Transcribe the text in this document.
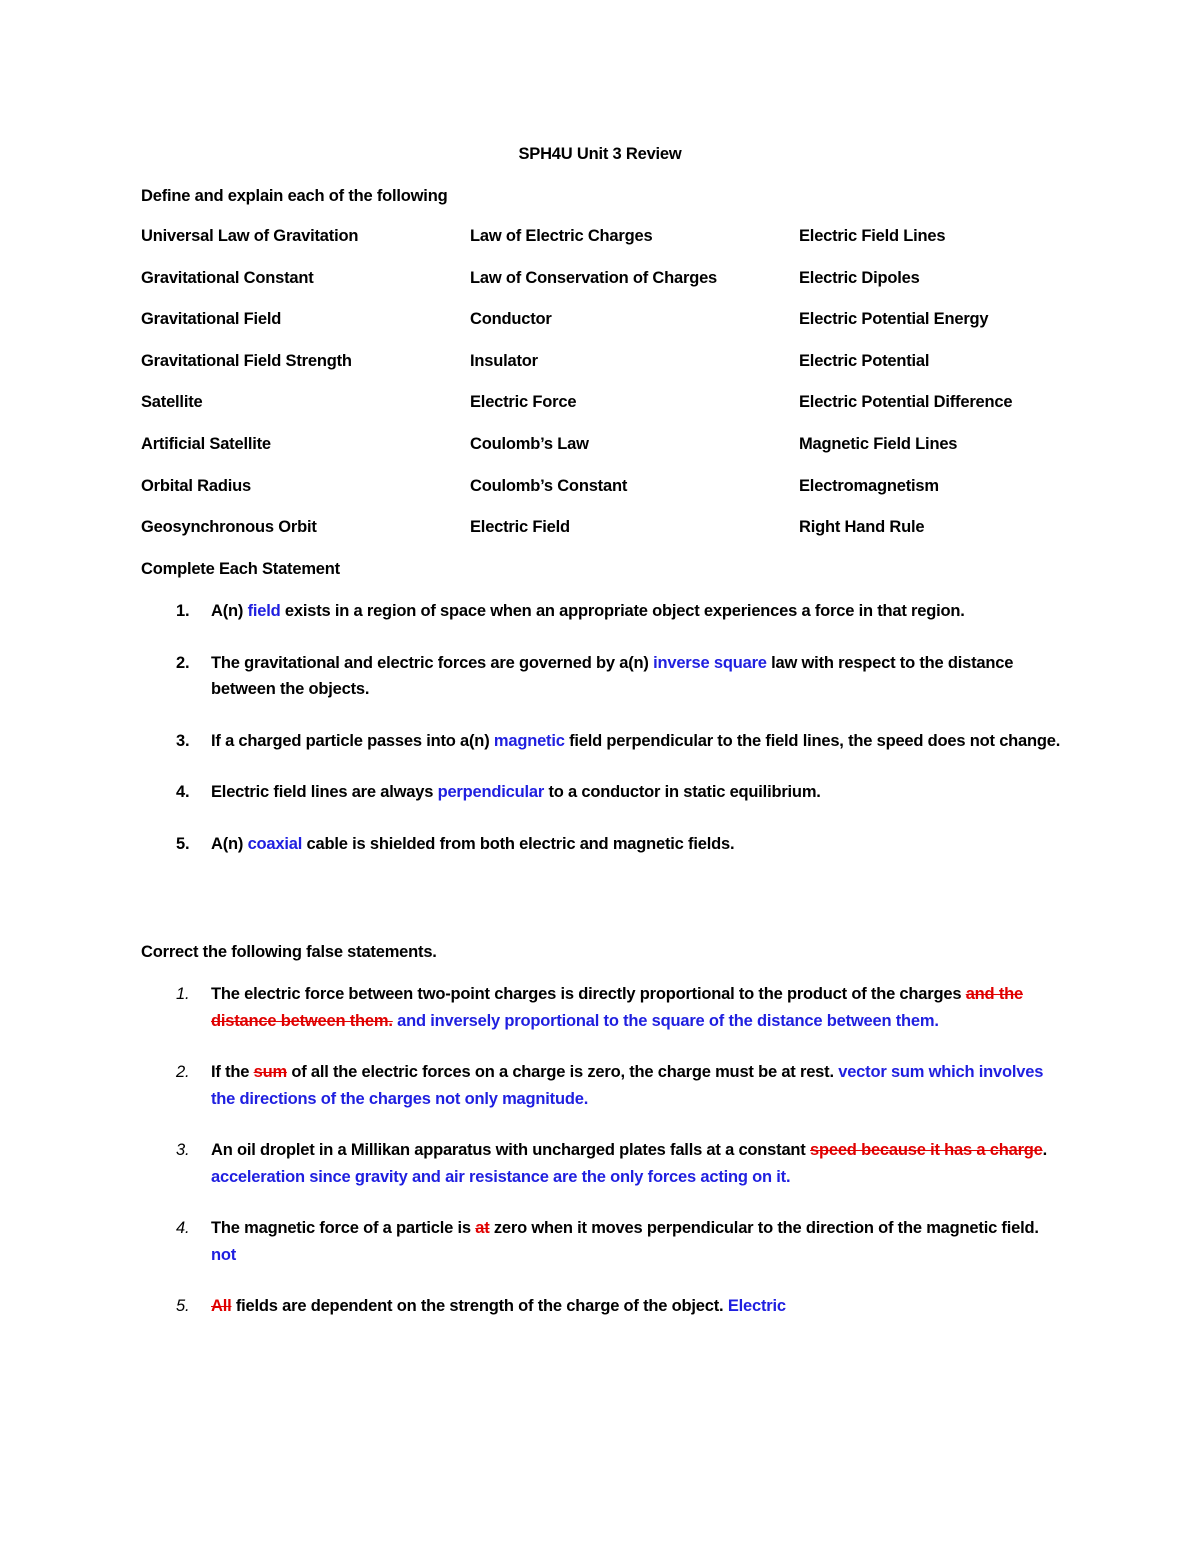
SPH4U Unit 3 Review
Define and explain each of the following
Universal Law of Gravitation	Law of Electric Charges	Electric Field Lines
Gravitational Constant	Law of Conservation of Charges	Electric Dipoles
Gravitational Field	Conductor	Electric Potential Energy
Gravitational Field Strength	Insulator	Electric Potential
Satellite	Electric Force	Electric Potential Difference
Artificial Satellite	Coulomb’s Law	Magnetic Field Lines
Orbital Radius	Coulomb’s Constant	Electromagnetism
Geosynchronous Orbit	Electric Field	Right Hand Rule
Complete Each Statement
1. A(n) field exists in a region of space when an appropriate object experiences a force in that region.
2. The gravitational and electric forces are governed by a(n) inverse square law with respect to the distance between the objects.
3. If a charged particle passes into a(n) magnetic field perpendicular to the field lines, the speed does not change.
4. Electric field lines are always perpendicular to a conductor in static equilibrium.
5. A(n) coaxial cable is shielded from both electric and magnetic fields.
Correct the following false statements.
1. The electric force between two-point charges is directly proportional to the product of the charges and the distance between them. and inversely proportional to the square of the distance between them.
2. If the sum of all the electric forces on a charge is zero, the charge must be at rest. vector sum which involves the directions of the charges not only magnitude.
3. An oil droplet in a Millikan apparatus with uncharged plates falls at a constant speed because it has a charge. acceleration since gravity and air resistance are the only forces acting on it.
4. The magnetic force of a particle is at zero when it moves perpendicular to the direction of the magnetic field. not
5. All fields are dependent on the strength of the charge of the object. Electric
